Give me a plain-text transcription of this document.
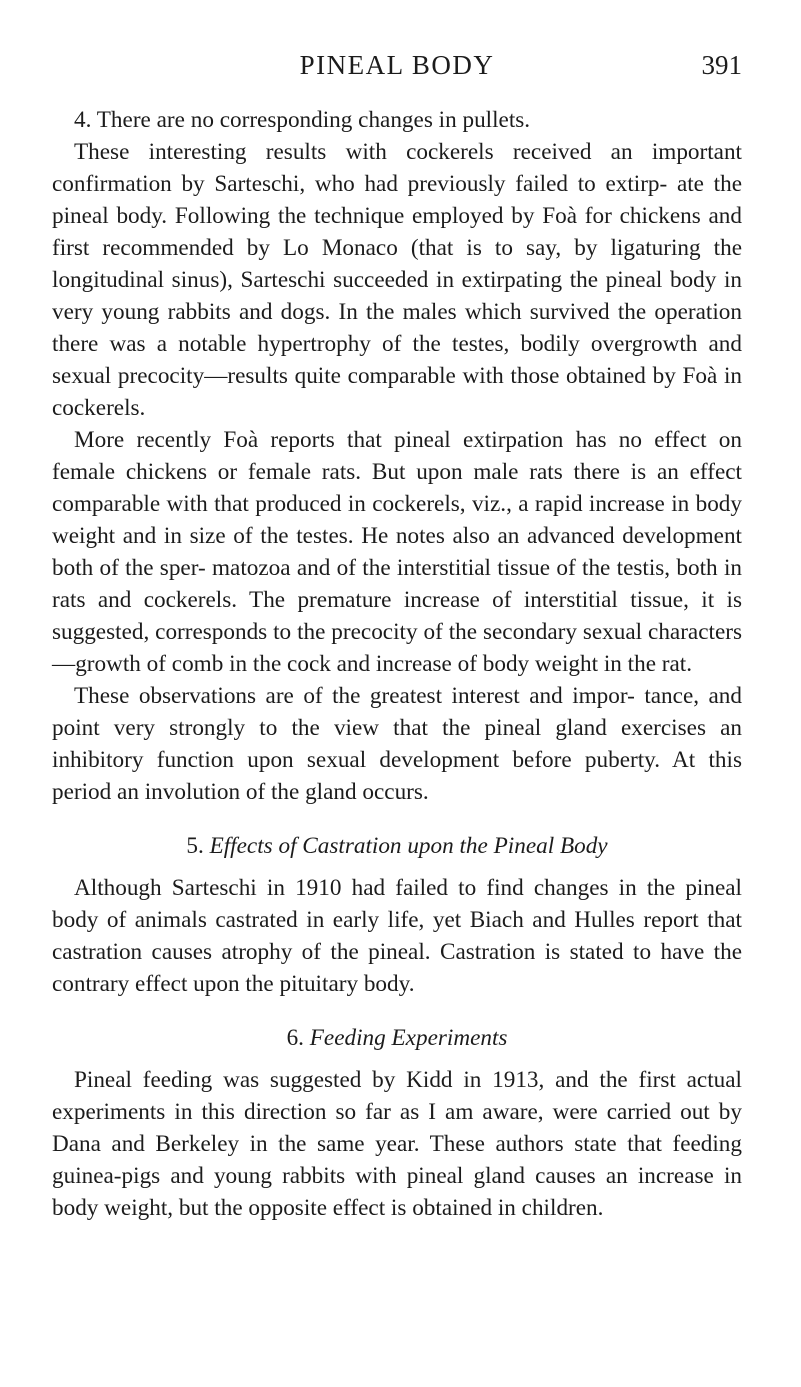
PINEAL BODY	391

4. There are no corresponding changes in pullets.

These interesting results with cockerels received an important confirmation by Sarteschi, who had previously failed to extirp- ate the pineal body. Following the technique employed by Foà for chickens and first recommended by Lo Monaco (that is to say, by ligaturing the longitudinal sinus), Sarteschi succeeded in extirpating the pineal body in very young rabbits and dogs. In the males which survived the operation there was a notable hypertrophy of the testes, bodily overgrowth and sexual precocity—results quite comparable with those obtained by Foà in cockerels.

More recently Foà reports that pineal extirpation has no effect on female chickens or female rats. But upon male rats there is an effect comparable with that produced in cockerels, viz., a rapid increase in body weight and in size of the testes. He notes also an advanced development both of the sper- matozoa and of the interstitial tissue of the testis, both in rats and cockerels. The premature increase of interstitial tissue, it is suggested, corresponds to the precocity of the secondary sexual characters—growth of comb in the cock and increase of body weight in the rat.

These observations are of the greatest interest and impor- tance, and point very strongly to the view that the pineal gland exercises an inhibitory function upon sexual development before puberty. At this period an involution of the gland occurs.

5. Effects of Castration upon the Pineal Body

Although Sarteschi in 1910 had failed to find changes in the pineal body of animals castrated in early life, yet Biach and Hulles report that castration causes atrophy of the pineal. Castration is stated to have the contrary effect upon the pituitary body.

6. Feeding Experiments

Pineal feeding was suggested by Kidd in 1913, and the first actual experiments in this direction so far as I am aware, were carried out by Dana and Berkeley in the same year. These authors state that feeding guinea-pigs and young rabbits with pineal gland causes an increase in body weight, but the opposite effect is obtained in children.
